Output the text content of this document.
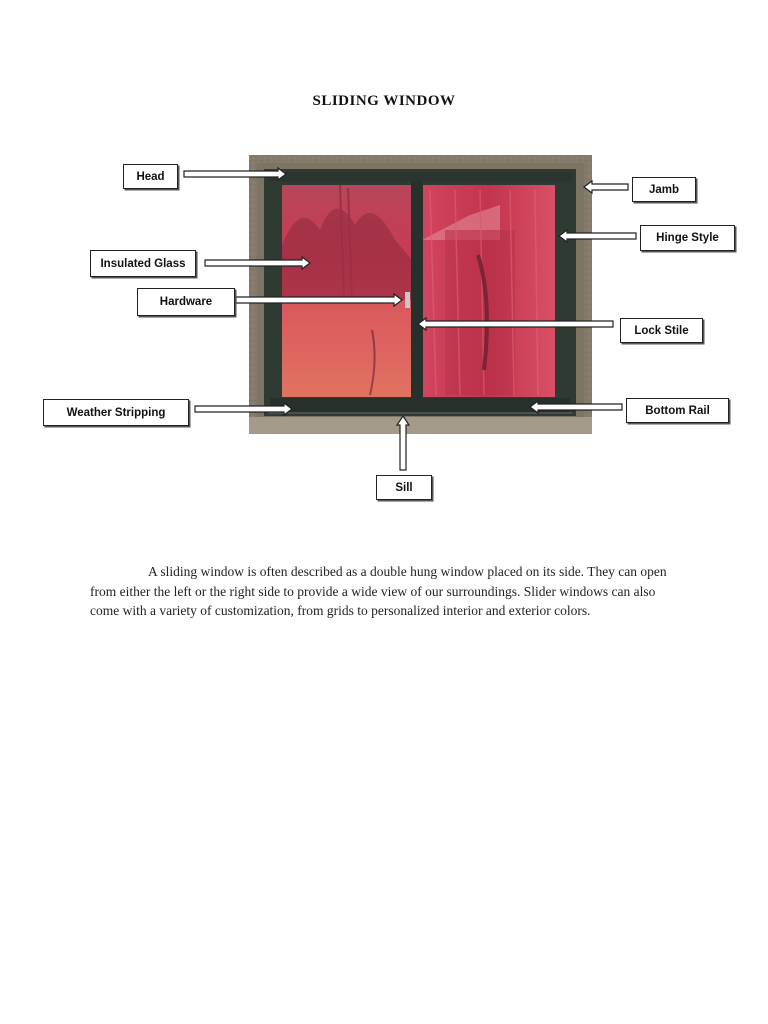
SLIDING WINDOW
Head
Jamb
Hinge Style
Insulated Glass
Hardware
Lock Stile
Weather Stripping	Bottom Rail
Sill

A sliding window is often described as a double hung window placed on its side. They can open from either the left or the right side to provide a wide view of our surroundings. Slider windows can also come with a variety of customization, from grids to personalized interior and exterior colors.
